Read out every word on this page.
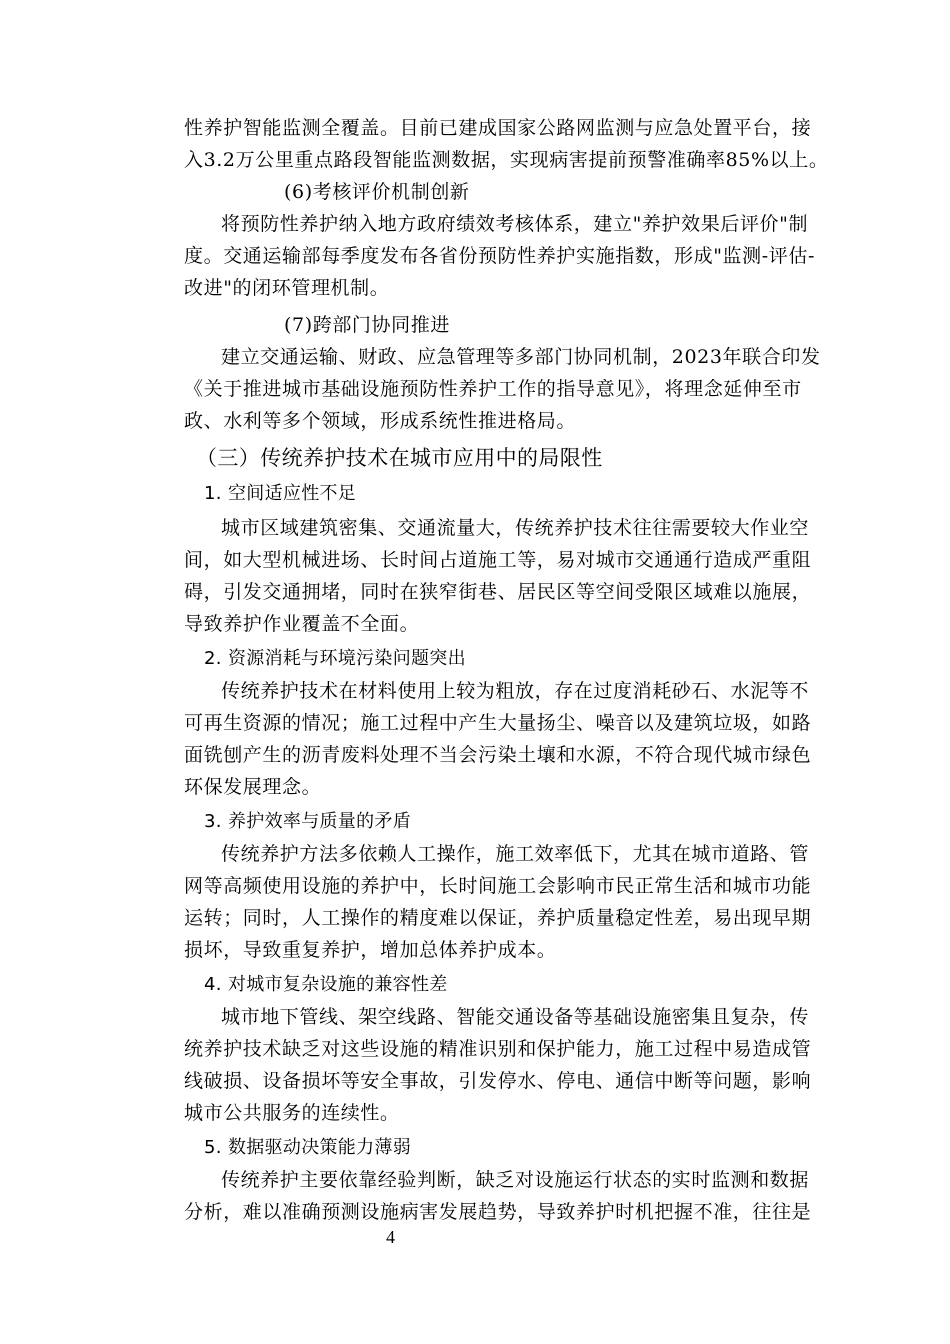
性养护智能监测全覆盖。目前已建成国家公路网监测与应急处置平台，接
入3.2万公里重点路段智能监测数据，实现病害提前预警准确率85%以上。
(6)考核评价机制创新
将预防性养护纳入地方政府绩效考核体系，建立"养护效果后评价"制
度。交通运输部每季度发布各省份预防性养护实施指数，形成"监测-评估-
改进"的闭环管理机制。
(7)跨部门协同推进
建立交通运输、财政、应急管理等多部门协同机制，2023年联合印发
《关于推进城市基础设施预防性养护工作的指导意见》，将理念延伸至市
政、水利等多个领域，形成系统性推进格局。
（三）传统养护技术在城市应用中的局限性
1. 空间适应性不足
城市区域建筑密集、交通流量大，传统养护技术往往需要较大作业空
间，如大型机械进场、长时间占道施工等，易对城市交通通行造成严重阻
碍，引发交通拥堵，同时在狭窄街巷、居民区等空间受限区域难以施展，
导致养护作业覆盖不全面。
2. 资源消耗与环境污染问题突出
传统养护技术在材料使用上较为粗放，存在过度消耗砂石、水泥等不
可再生资源的情况；施工过程中产生大量扬尘、噪音以及建筑垃圾，如路
面铣刨产生的沥青废料处理不当会污染土壤和水源，不符合现代城市绿色
环保发展理念。
3. 养护效率与质量的矛盾
传统养护方法多依赖人工操作，施工效率低下，尤其在城市道路、管
网等高频使用设施的养护中，长时间施工会影响市民正常生活和城市功能
运转；同时，人工操作的精度难以保证，养护质量稳定性差，易出现早期
损坏，导致重复养护，增加总体养护成本。
4. 对城市复杂设施的兼容性差
城市地下管线、架空线路、智能交通设备等基础设施密集且复杂，传
统养护技术缺乏对这些设施的精准识别和保护能力，施工过程中易造成管
线破损、设备损坏等安全事故，引发停水、停电、通信中断等问题，影响
城市公共服务的连续性。
5. 数据驱动决策能力薄弱
传统养护主要依靠经验判断，缺乏对设施运行状态的实时监测和数据
分析，难以准确预测设施病害发展趋势，导致养护时机把握不准，往往是
4
